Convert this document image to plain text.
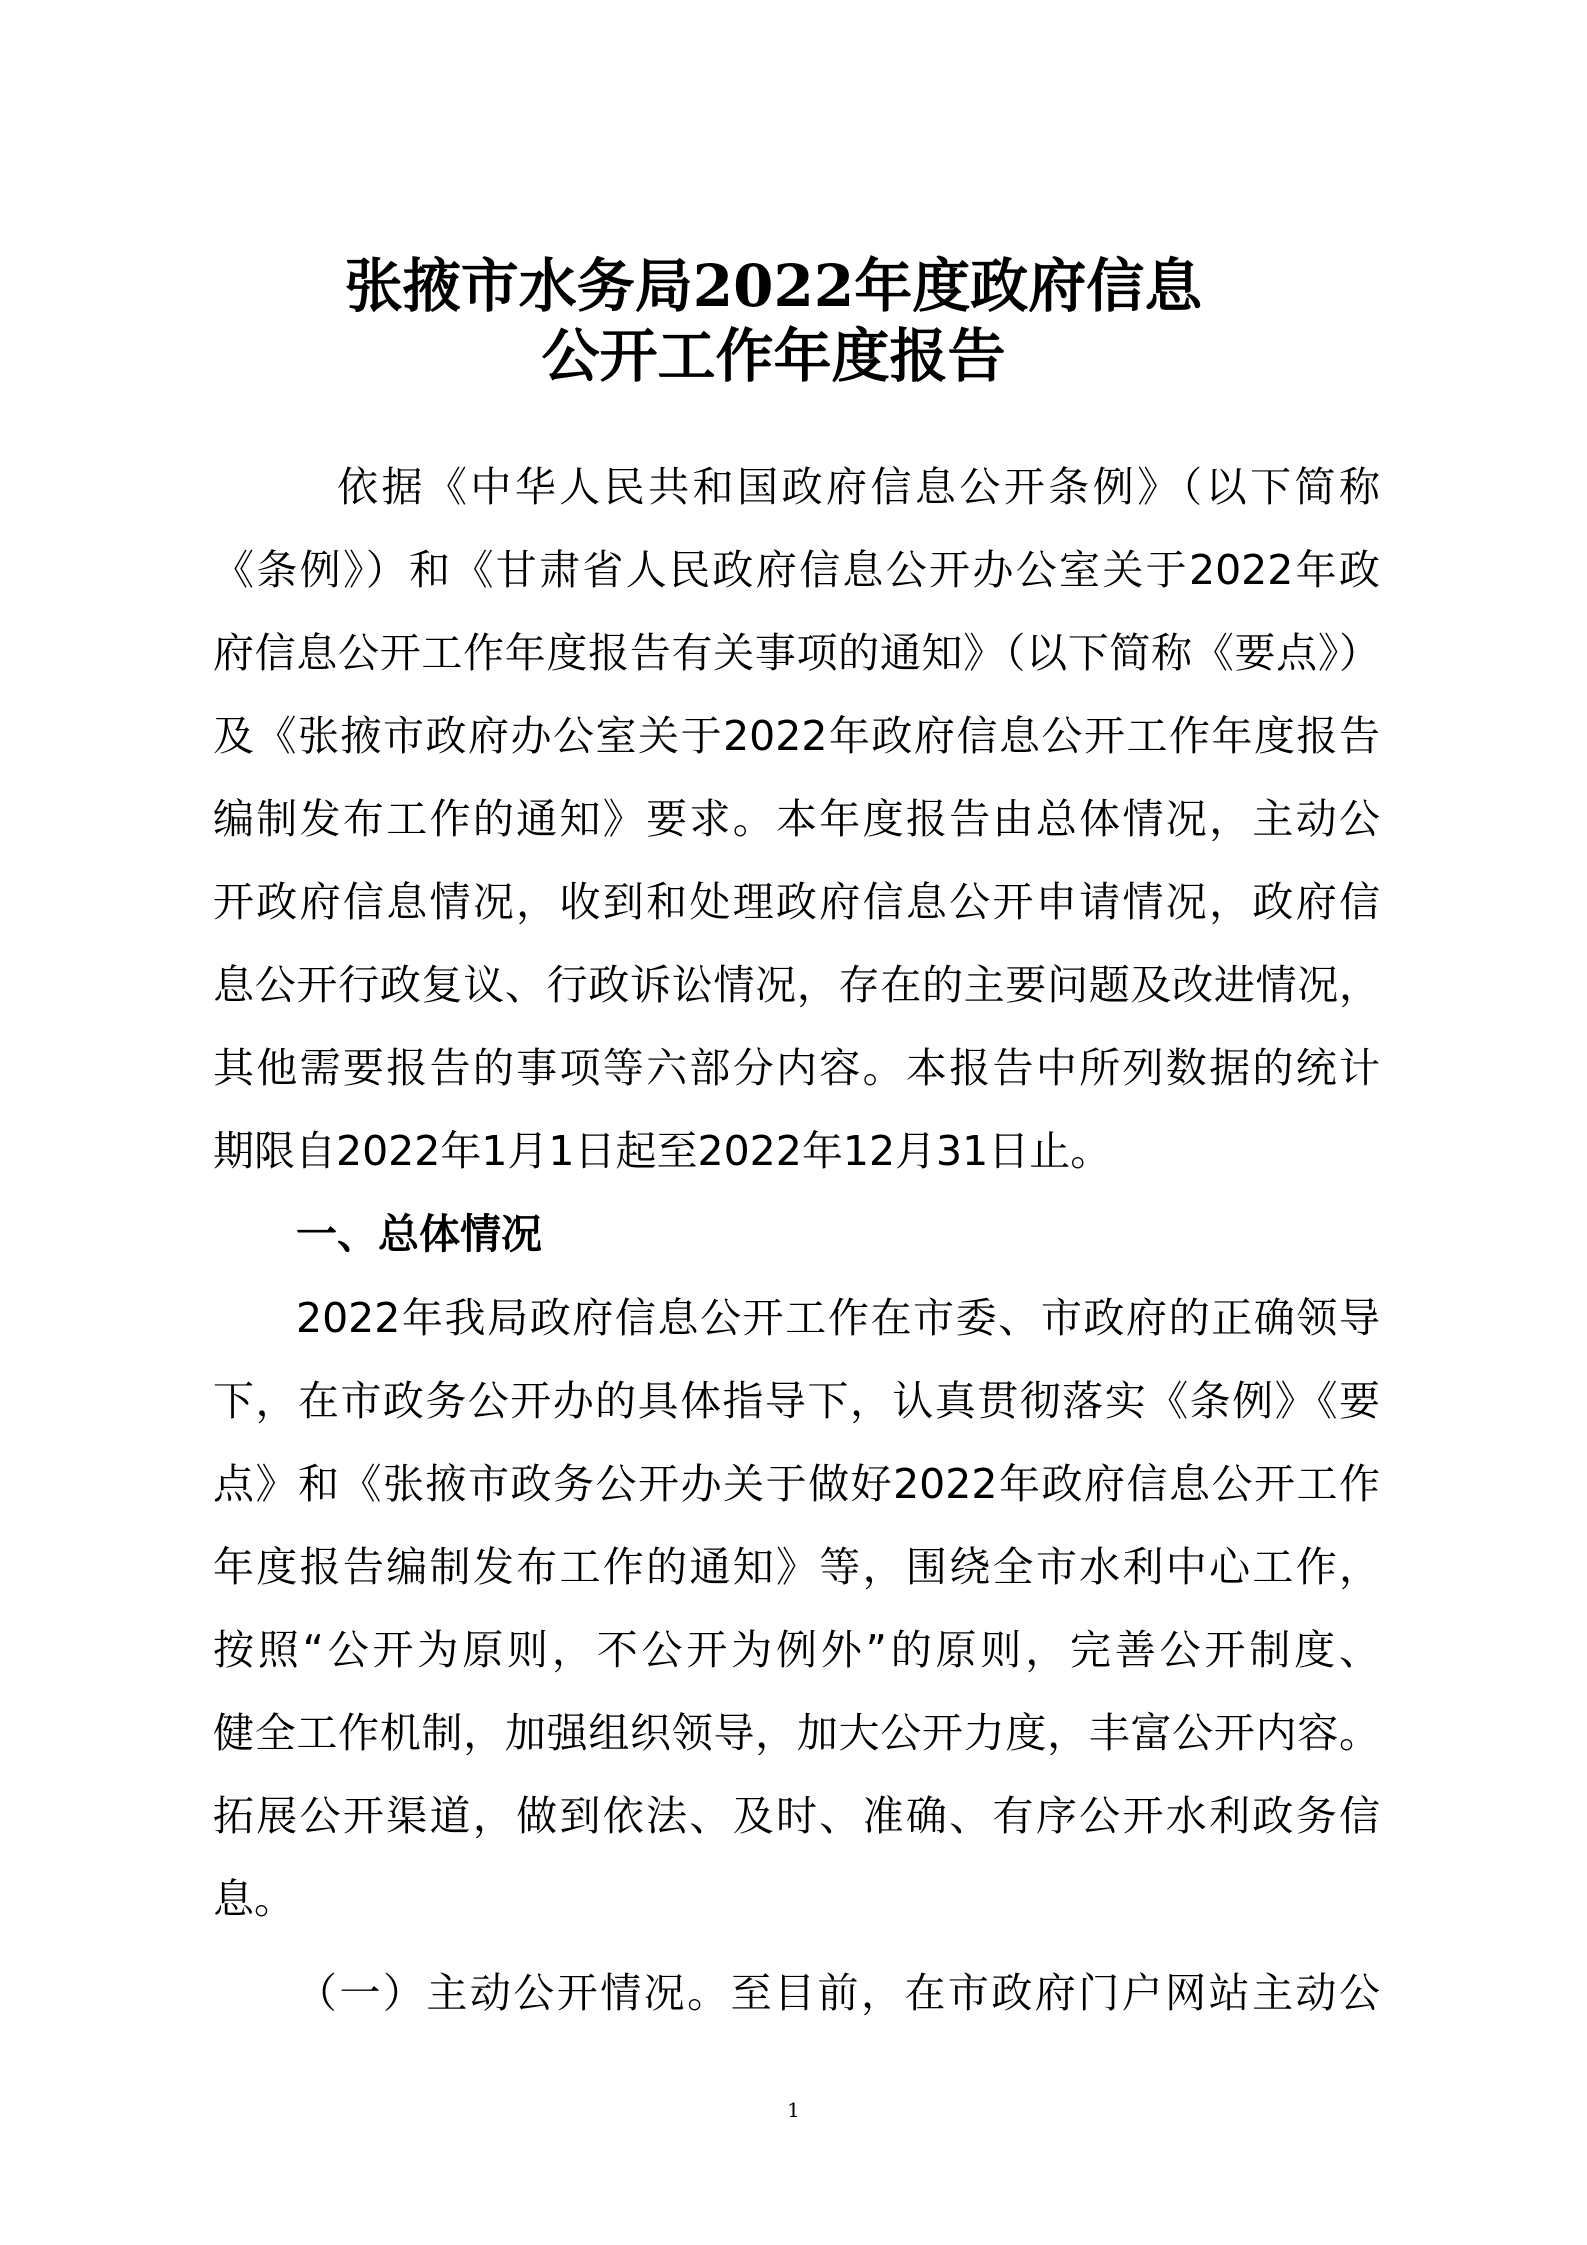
张掖市水务局2022年度政府信息
公开工作年度报告

依据《中华人民共和国政府信息公开条例》（以下简称

《条例》）和《甘肃省人民政府信息公开办公室关于2022年政

府信息公开工作年度报告有关事项的通知》（以下简称《要点》）

及《张掖市政府办公室关于2022年政府信息公开工作年度报告

编制发布工作的通知》要求。本年度报告由总体情况，主动公

开政府信息情况，收到和处理政府信息公开申请情况，政府信

息公开行政复议、行政诉讼情况，存在的主要问题及改进情况，

其他需要报告的事项等六部分内容。本报告中所列数据的统计

期限自2022年1月1日起至2022年12月31日止。

一、总体情况

2022年我局政府信息公开工作在市委、市政府的正确领导

下，在市政务公开办的具体指导下，认真贯彻落实《条例》《要

点》和《张掖市政务公开办关于做好2022年政府信息公开工作

年度报告编制发布工作的通知》等，围绕全市水利中心工作，

按照“公开为原则，不公开为例外”的原则，完善公开制度、

健全工作机制，加强组织领导，加大公开力度，丰富公开内容。

拓展公开渠道，做到依法、及时、准确、有序公开水利政务信

息。

（一）主动公开情况。至目前，在市政府门户网站主动公

1
